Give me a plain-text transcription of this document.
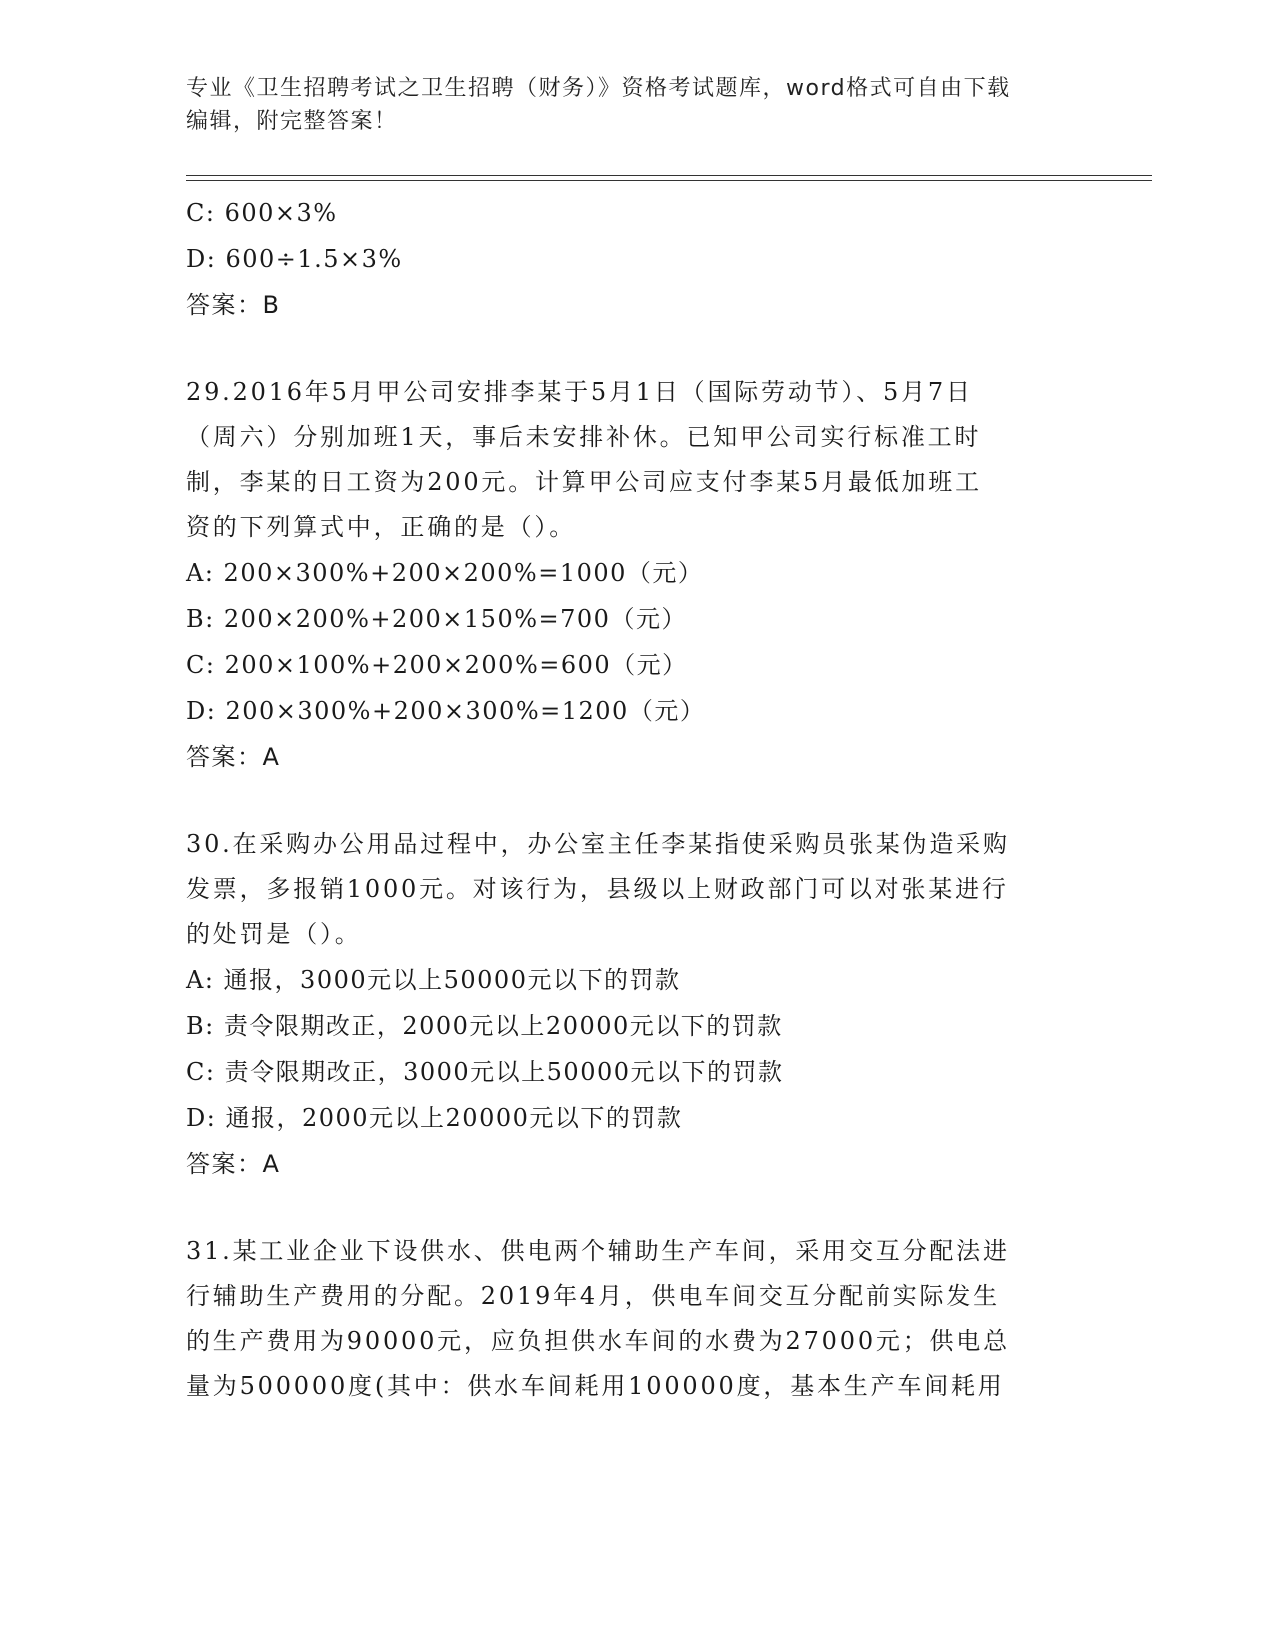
专业《卫生招聘考试之卫生招聘（财务）》资格考试题库，word格式可自由下载
编辑，附完整答案！
C: 600×3%
D: 600÷1.5×3%
答案：B
29.2016年5月甲公司安排李某于5月1日（国际劳动节）、5月7日
（周六）分别加班1天，事后未安排补休。已知甲公司实行标准工时
制，李某的日工资为200元。计算甲公司应支付李某5月最低加班工
资的下列算式中，正确的是（）。
A: 200×300%+200×200%=1000（元）
B: 200×200%+200×150%=700（元）
C: 200×100%+200×200%=600（元）
D: 200×300%+200×300%=1200（元）
答案：A
30.在采购办公用品过程中，办公室主任李某指使采购员张某伪造采购
发票，多报销1000元。对该行为，县级以上财政部门可以对张某进行
的处罚是（）。
A: 通报，3000元以上50000元以下的罚款
B: 责令限期改正，2000元以上20000元以下的罚款
C: 责令限期改正，3000元以上50000元以下的罚款
D: 通报，2000元以上20000元以下的罚款
答案：A
31.某工业企业下设供水、供电两个辅助生产车间，采用交互分配法进
行辅助生产费用的分配。2019年4月，供电车间交互分配前实际发生
的生产费用为90000元，应负担供水车间的水费为27000元；供电总
量为500000度(其中：供水车间耗用100000度，基本生产车间耗用
